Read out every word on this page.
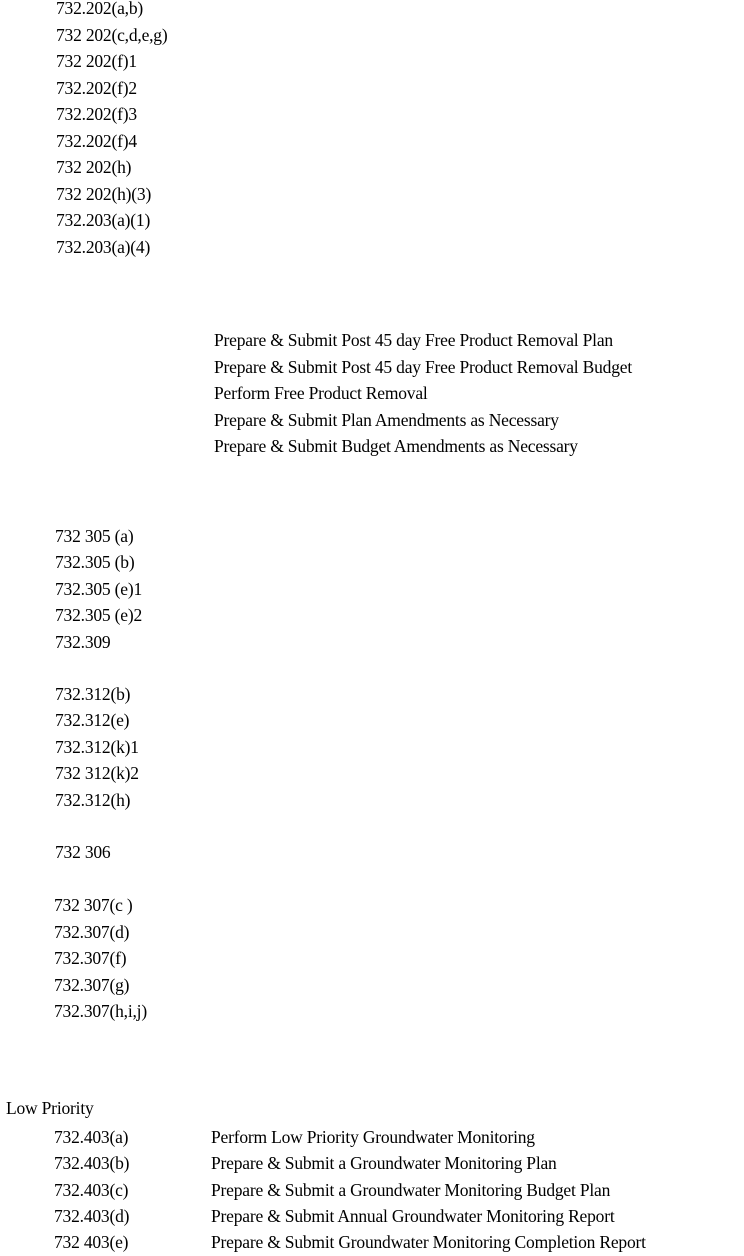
732.202(a,b)
732 202(c,d,e,g)
732 202(f)1
732.202(f)2
732.202(f)3
732.202(f)4
732 202(h)
732 202(h)(3)
732.203(a)(1)
732.203(a)(4)
Prepare & Submit Post 45 day Free Product Removal Plan
Prepare & Submit Post 45 day Free Product Removal Budget
Perform Free Product Removal
Prepare & Submit Plan Amendments as Necessary
Prepare & Submit Budget Amendments as Necessary
732 305 (a)
732.305 (b)
732.305 (e)1
732.305 (e)2
732.309
732.312(b)
732.312(e)
732.312(k)1
732 312(k)2
732.312(h)
732 306
732 307(c )
732.307(d)
732.307(f)
732.307(g)
732.307(h,i,j)
Low Priority
732.403(a)	Perform Low Priority Groundwater Monitoring
732.403(b)	Prepare & Submit a Groundwater Monitoring Plan
732.403(c)	Prepare & Submit a Groundwater Monitoring Budget Plan
732.403(d)	Prepare & Submit Annual Groundwater Monitoring Report
732 403(e)	Prepare & Submit Groundwater Monitoring Completion Report
